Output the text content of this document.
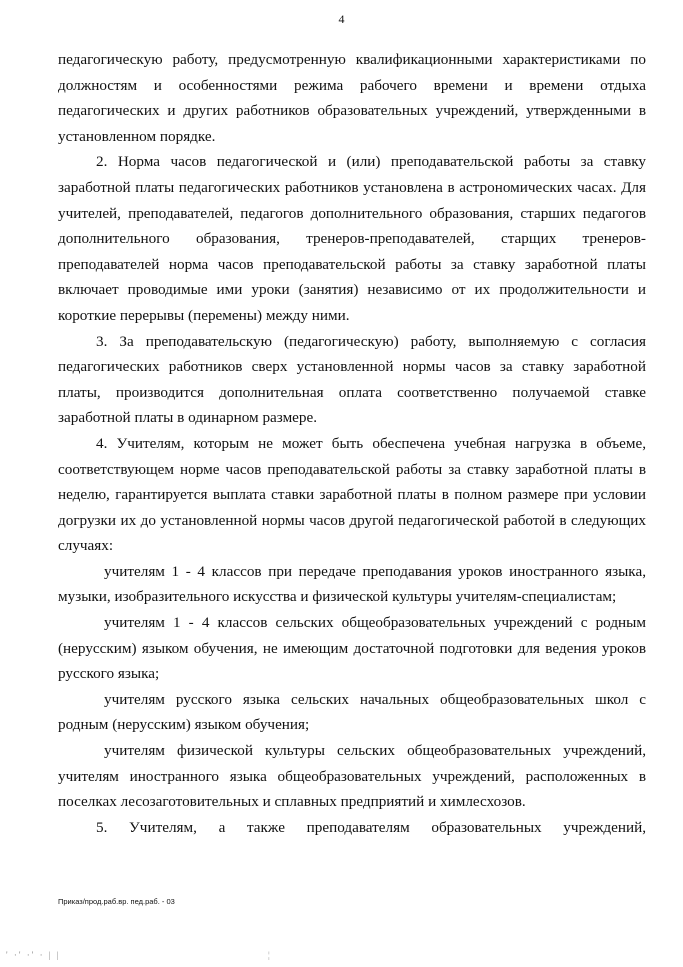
4

педагогическую работу, предусмотренную квалификационными характеристиками по должностям и особенностями режима рабочего времени и времени отдыха педагогических и других работников образовательных учреждений, утвержденными в установленном порядке.

2. Норма часов педагогической и (или) преподавательской работы за ставку заработной платы педагогических работников установлена в астрономических часах. Для учителей, преподавателей, педагогов дополнительного образования, старших педагогов дополнительного образования, тренеров-преподавателей, старщих тренеров-преподавателей норма часов преподавательской работы за ставку заработной платы включает проводимые ими уроки (занятия) независимо от их продолжительности и короткие перерывы (перемены) между ними.

3. За преподавательскую (педагогическую) работу, выполняемую с согласия педагогических работников сверх установленной нормы часов за ставку заработной платы, производится дополнительная оплата соответственно получаемой ставке заработной платы в одинарном размере.

4. Учителям, которым не может быть обеспечена учебная нагрузка в объеме, соответствующем норме часов преподавательской работы за ставку заработной платы в неделю, гарантируется выплата ставки заработной платы в полном размере при условии догрузки их до установленной нормы часов другой педагогической работой в следующих случаях:

учителям 1 - 4 классов при передаче преподавания уроков иностранного языка, музыки, изобразительного искусства и физической культуры учителям-специалистам;

учителям 1 - 4 классов сельских общеобразовательных учреждений с родным (нерусским) языком обучения, не имеющим достаточной подготовки для ведения уроков русского языка;

учителям русского языка сельских начальных общеобразовательных школ с родным (нерусским) языком обучения;

учителям физической культуры сельских общеобразовательных учреждений, учителям иностранного языка общеобразовательных учреждений, расположенных в поселках лесозаготовительных и сплавных предприятий и химлесхозов.

5. Учителям, а также преподавателям образовательных учреждений,

Приказ/прод.раб.вр. пед.раб. - 03
' ·' ·' · | |	¦
